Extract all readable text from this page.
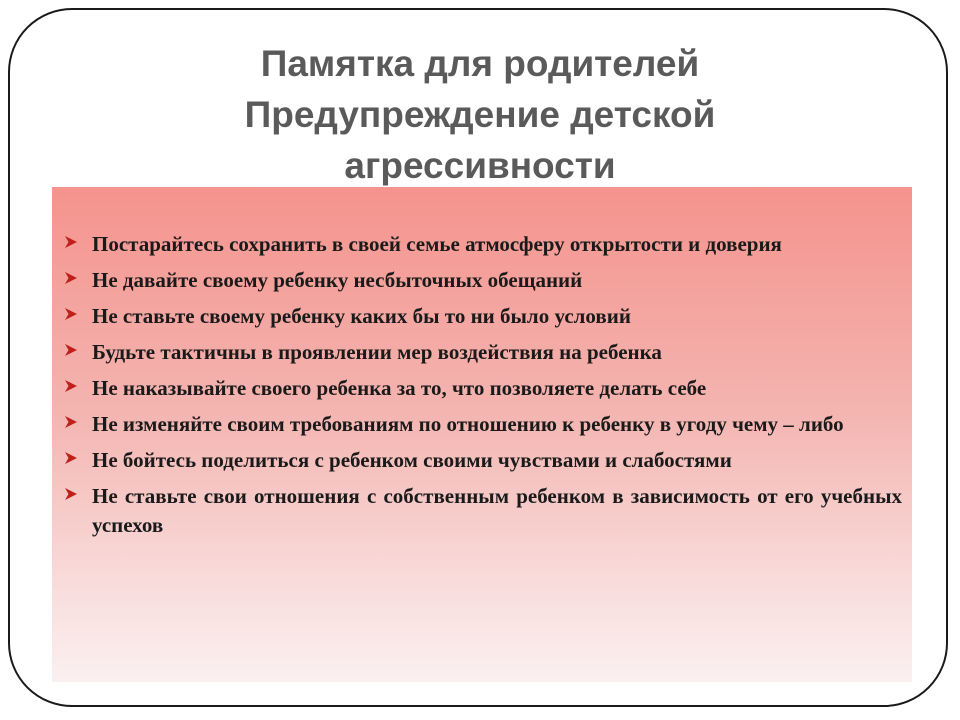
Памятка для родителей
Предупреждение детской
агрессивности
Постарайтесь сохранить в своей семье атмосферу открытости и доверия
Не давайте своему ребенку несбыточных обещаний
Не ставьте своему ребенку каких бы то ни было условий
Будьте тактичны в проявлении мер воздействия на ребенка
Не наказывайте своего ребенка за то, что позволяете делать себе
Не изменяйте своим требованиям по отношению к ребенку в угоду чему – либо
Не бойтесь поделиться с ребенком своими чувствами и слабостями
Не ставьте свои отношения с собственным ребенком в зависимость от его учебных успехов
